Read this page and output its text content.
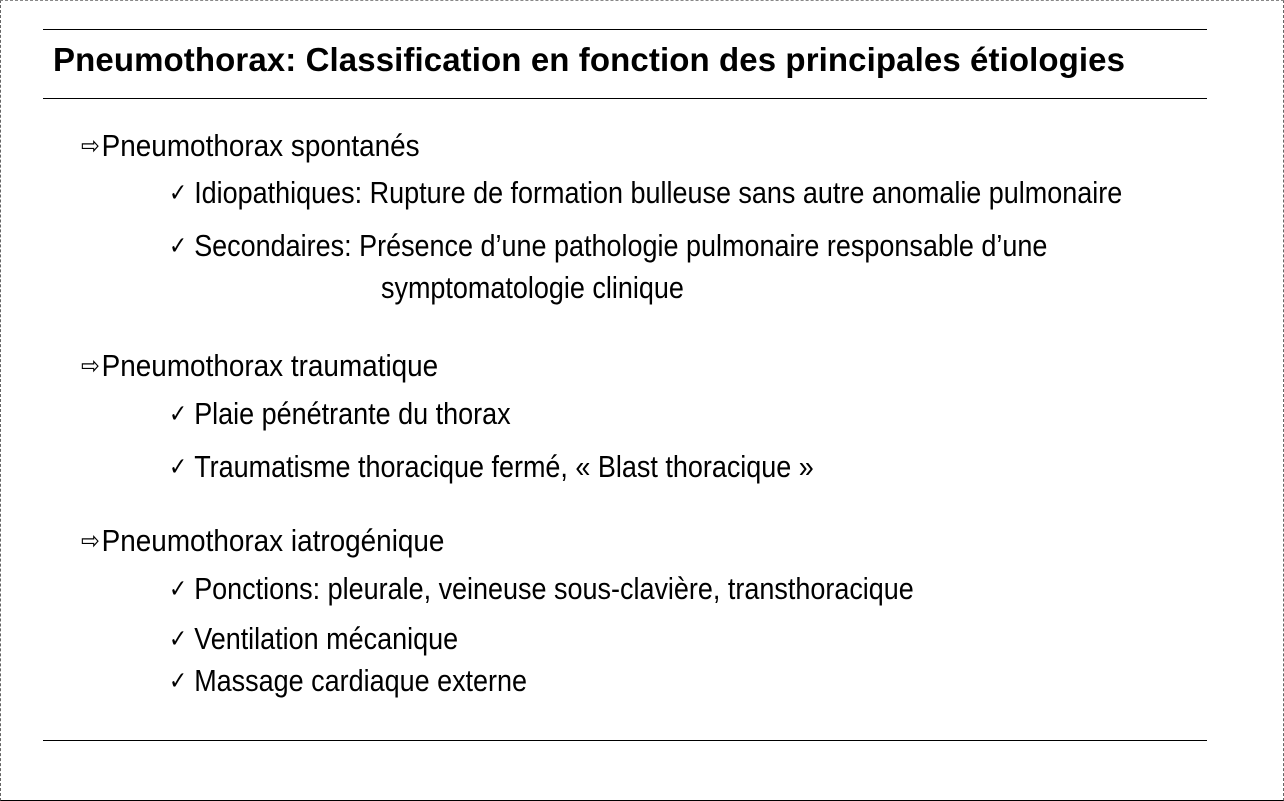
Pneumothorax: Classification en fonction des principales étiologies
⇨Pneumothorax spontanés
✓ Idiopathiques: Rupture de formation bulleuse sans autre anomalie pulmonaire
✓ Secondaires: Présence d’une pathologie pulmonaire responsable d’une
symptomatologie clinique
⇨Pneumothorax traumatique
✓ Plaie pénétrante du thorax
✓ Traumatisme thoracique fermé, « Blast thoracique »
⇨Pneumothorax iatrogénique
✓ Ponctions: pleurale, veineuse sous-clavière, transthoracique
✓ Ventilation mécanique
✓ Massage cardiaque externe
